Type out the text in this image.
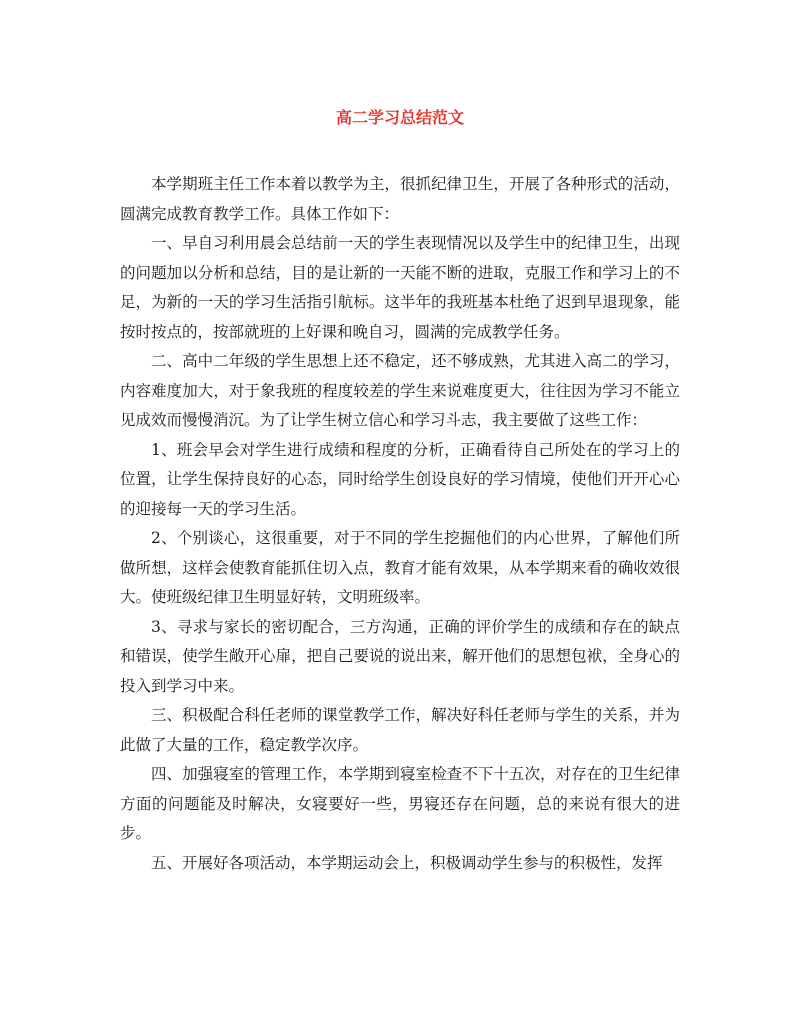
高二学习总结范文

本学期班主任工作本着以教学为主，很抓纪律卫生，开展了各种形式的活动，圆满完成教育教学工作。具体工作如下：

一、早自习利用晨会总结前一天的学生表现情况以及学生中的纪律卫生，出现的问题加以分析和总结，目的是让新的一天能不断的进取，克服工作和学习上的不足，为新的一天的学习生活指引航标。这半年的我班基本杜绝了迟到早退现象，能按时按点的，按部就班的上好课和晚自习，圆满的完成教学任务。

二、高中二年级的学生思想上还不稳定，还不够成熟，尤其进入高二的学习，内容难度加大，对于象我班的程度较差的学生来说难度更大，往往因为学习不能立见成效而慢慢消沉。为了让学生树立信心和学习斗志，我主要做了这些工作：

1、班会早会对学生进行成绩和程度的分析，正确看待自己所处在的学习上的位置，让学生保持良好的心态，同时给学生创设良好的学习情境，使他们开开心心的迎接每一天的学习生活。

2、个别谈心，这很重要，对于不同的学生挖掘他们的内心世界，了解他们所做所想，这样会使教育能抓住切入点，教育才能有效果，从本学期来看的确收效很大。使班级纪律卫生明显好转，文明班级率。

3、寻求与家长的密切配合，三方沟通，正确的评价学生的成绩和存在的缺点和错误，使学生敞开心扉，把自己要说的说出来，解开他们的思想包袱，全身心的投入到学习中来。

三、积极配合科任老师的课堂教学工作，解决好科任老师与学生的关系，并为此做了大量的工作，稳定教学次序。

四、加强寝室的管理工作，本学期到寝室检查不下十五次，对存在的卫生纪律方面的问题能及时解决，女寝要好一些，男寝还存在问题，总的来说有很大的进步。

五、开展好各项活动，本学期运动会上，积极调动学生参与的积极性，发挥
